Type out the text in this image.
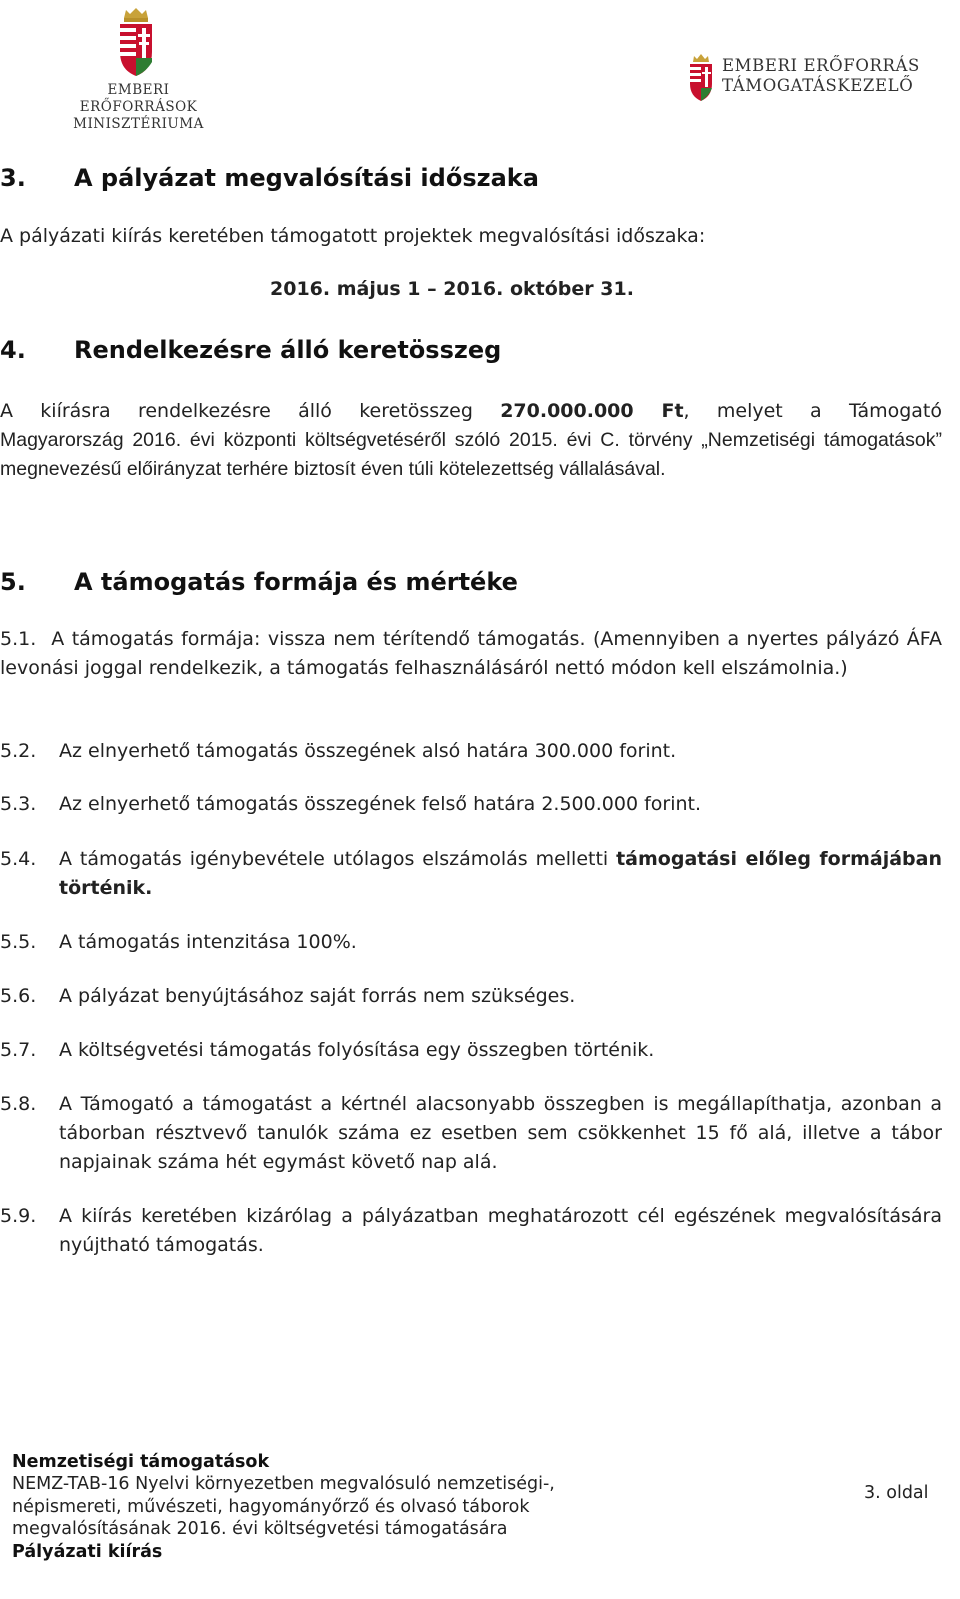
EMBERI ERŐFORRÁSOK
MINISZTÉRIUMA
EMBERI ERŐFORRÁS
TÁMOGATÁSKEZELŐ
3. A pályázat megvalósítási időszaka
A pályázati kiírás keretében támogatott projektek megvalósítási időszaka:
2016. május 1 – 2016. október 31.
4. Rendelkezésre álló keretösszeg
A kiírásra rendelkezésre álló keretösszeg 270.000.000 Ft, melyet a Támogató
Magyarország 2016. évi központi költségvetéséről szóló 2015. évi C. törvény „Nemzetiségi támogatások” megnevezésű előirányzat terhére biztosít éven túli kötelezettség vállalásával.
5. A támogatás formája és mértéke
5.1. A támogatás formája: vissza nem térítendő támogatás. (Amennyiben a nyertes pályázó ÁFA levonási joggal rendelkezik, a támogatás felhasználásáról nettó módon kell elszámolnia.)
5.2. Az elnyerhető támogatás összegének alsó határa 300.000 forint.
5.3. Az elnyerhető támogatás összegének felső határa 2.500.000 forint.
5.4. A támogatás igénybevétele utólagos elszámolás melletti támogatási előleg formájában történik.
5.5. A támogatás intenzitása 100%.
5.6. A pályázat benyújtásához saját forrás nem szükséges.
5.7. A költségvetési támogatás folyósítása egy összegben történik.
5.8. A Támogató a támogatást a kértnél alacsonyabb összegben is megállapíthatja, azonban a táborban résztvevő tanulók száma ez esetben sem csökkenhet 15 fő alá, illetve a tábor napjainak száma hét egymást követő nap alá.
5.9. A kiírás keretében kizárólag a pályázatban meghatározott cél egészének megvalósítására nyújtható támogatás.
Nemzetiségi támogatások
NEMZ-TAB-16 Nyelvi környezetben megvalósuló nemzetiségi-,
népismereti, művészeti, hagyományőrző és olvasó táborok
megvalósításának 2016. évi költségvetési támogatására
Pályázati kiírás
3. oldal
